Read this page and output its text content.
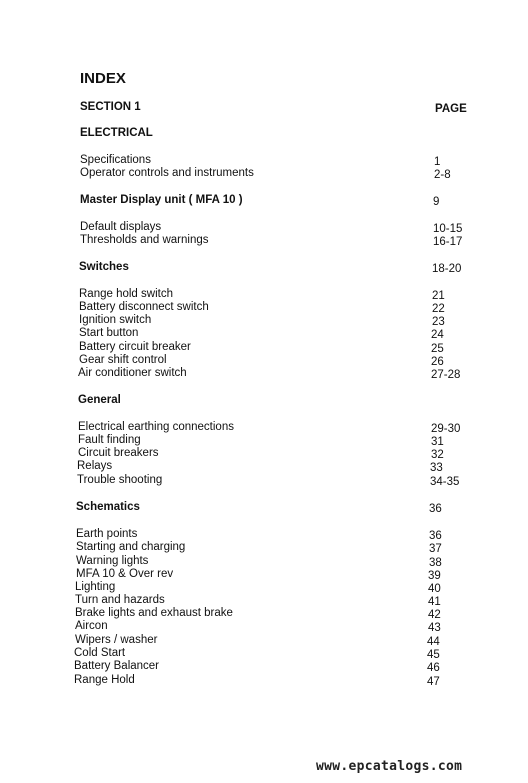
INDEX
SECTION 1	PAGE
ELECTRICAL
Specifications	1
Operator controls and instruments	2-8
Master Display unit ( MFA 10 )	9
Default displays	10-15
Thresholds and warnings	16-17
Switches	18-20
Range hold switch	21
Battery disconnect switch	22
Ignition switch	23
Start button	24
Battery circuit breaker	25
Gear shift control	26
Air conditioner switch	27-28
General
Electrical earthing connections	29-30
Fault finding	31
Circuit breakers	32
Relays	33
Trouble shooting	34-35
Schematics	36
Earth points	36
Starting and charging	37
Warning lights	38
MFA 10 & Over rev	39
Lighting	40
Turn and hazards	41
Brake lights and exhaust brake	42
Aircon	43
Wipers / washer	44
Cold Start	45
Battery Balancer	46
Range Hold	47
www.epcatalogs.com
